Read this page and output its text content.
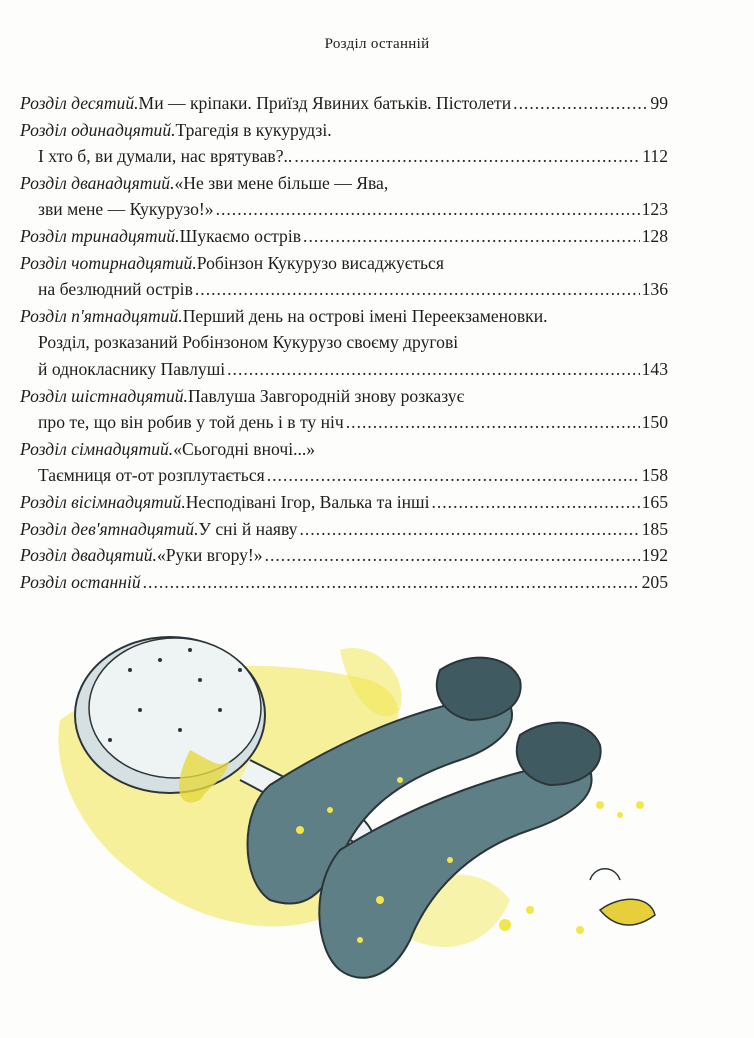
Розділ останній
Розділ десятий. Ми — кріпаки. Приїзд Явиних батьків. Пістолети .....	99
Розділ одинадцятий. Трагедія в кукурудзі.
І хто б, ви думали, нас врятував?.. .....	112
Розділ дванадцятий. «Не зви мене більше — Ява,
зви мене — Кукурузо!» .....	123
Розділ тринадцятий. Шукаємо острів .....	128
Розділ чотирнадцятий. Робінзон Кукурузо висаджується
на безлюдний острів .....	136
Розділ п'ятнадцятий. Перший день на острові імені Переекзаменовки.
Розділ, розказаний Робінзоном Кукурузо своєму другові
й однокласнику Павлуші .....	143
Розділ шістнадцятий. Павлуша Завгородній знову розказує
про те, що він робив у той день і в ту ніч .....	150
Розділ сімнадцятий. «Сьогодні вночі...»
Таємниця от-от розплутається .....	158
Розділ вісімнадцятий. Несподівані Ігор, Валька та інші .....	165
Розділ дев'ятнадцятий. У сні й наяву .....	185
Розділ двадцятий. «Руки вгору!» .....	192
Розділ останній .....	205
